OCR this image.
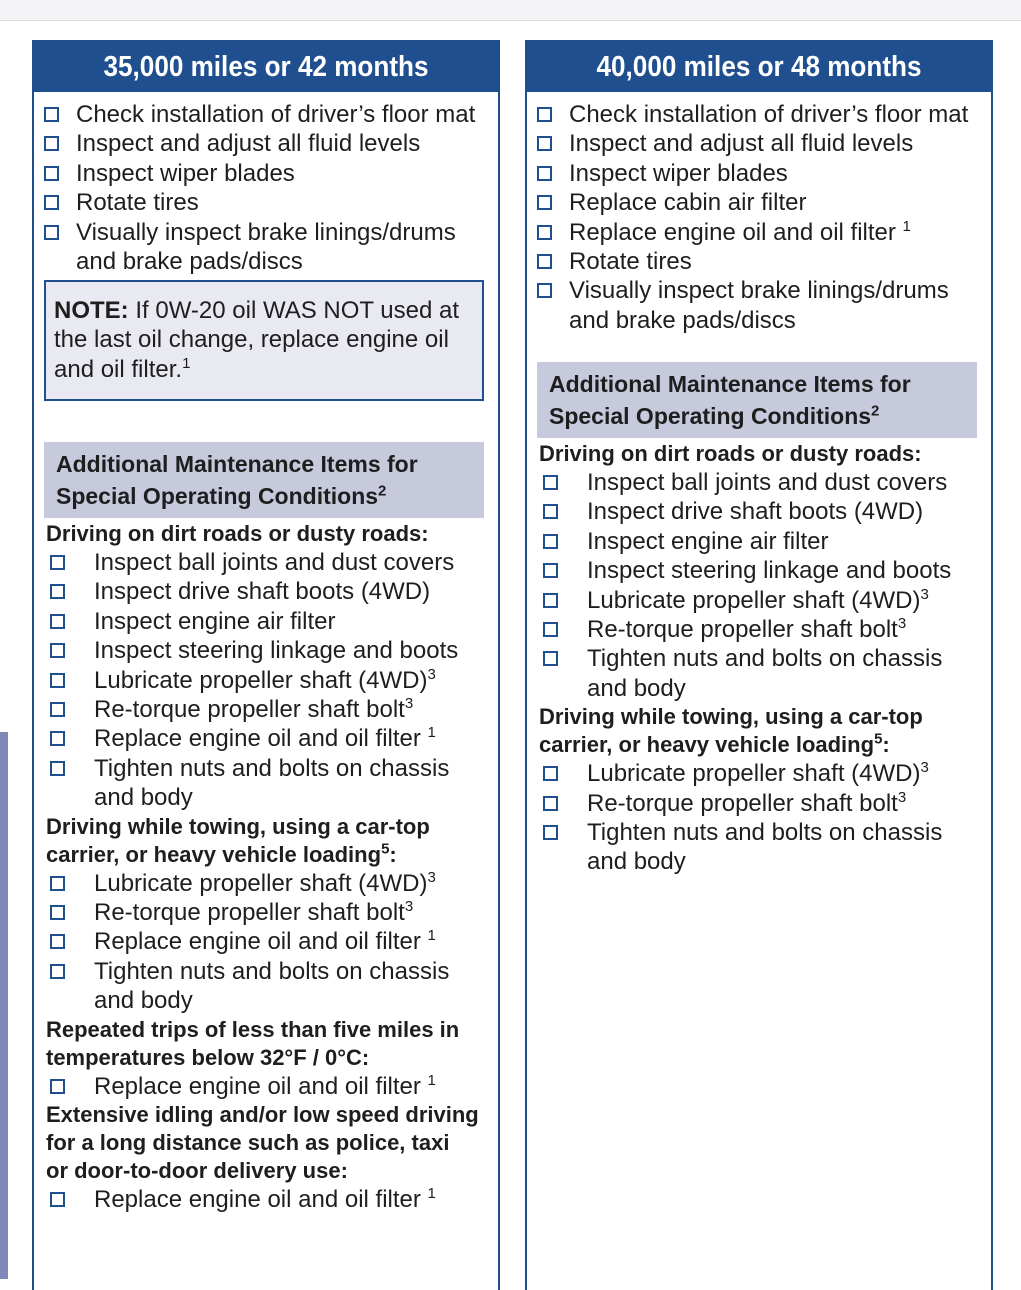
35,000 miles or 42 months
Check installation of driver’s floor mat
Inspect and adjust all fluid levels
Inspect wiper blades
Rotate tires
Visually inspect brake linings/drums
and brake pads/discs
NOTE: If 0W-20 oil WAS NOT used at
the last oil change, replace engine oil
and oil filter.$^1$
Additional Maintenance Items for
Special Operating Conditions$^2$
Driving on dirt roads or dusty roads:
Inspect ball joints and dust covers
Inspect drive shaft boots (4WD)
Inspect engine air filter
Inspect steering linkage and boots
Lubricate propeller shaft $(4WD)^3$
Re-torque propeller shaft bolt$^3$
Replace engine oil and oil filter $^1$
Tighten nuts and bolts on chassis
and body
Driving while towing, using a car-top
carrier, or heavy vehicle loading$^5$:
Lubricate propeller shaft $(4WD)^3$
Re-torque propeller shaft bolt$^3$
Replace engine oil and oil filter $^1$
Tighten nuts and bolts on chassis
and body
Repeated trips of less than five miles in
temperatures below 32°F / 0°C:
Replace engine oil and oil filter $^1$
Extensive idling and/or low speed driving
for a long distance such as police, taxi
or door-to-door delivery use:
Replace engine oil and oil filter $^1$
40,000 miles or 48 months
Check installation of driver’s floor mat
Inspect and adjust all fluid levels
Inspect wiper blades
Replace cabin air filter
Replace engine oil and oil filter $^1$
Rotate tires
Visually inspect brake linings/drums
and brake pads/discs
Additional Maintenance Items for
Special Operating Conditions$^2$
Driving on dirt roads or dusty roads:
Inspect ball joints and dust covers
Inspect drive shaft boots (4WD)
Inspect engine air filter
Inspect steering linkage and boots
Lubricate propeller shaft $(4WD)^3$
Re-torque propeller shaft bolt$^3$
Tighten nuts and bolts on chassis
and body
Driving while towing, using a car-top
carrier, or heavy vehicle loading$^5$:
Lubricate propeller shaft $(4WD)^3$
Re-torque propeller shaft bolt$^3$
Tighten nuts and bolts on chassis
and body
